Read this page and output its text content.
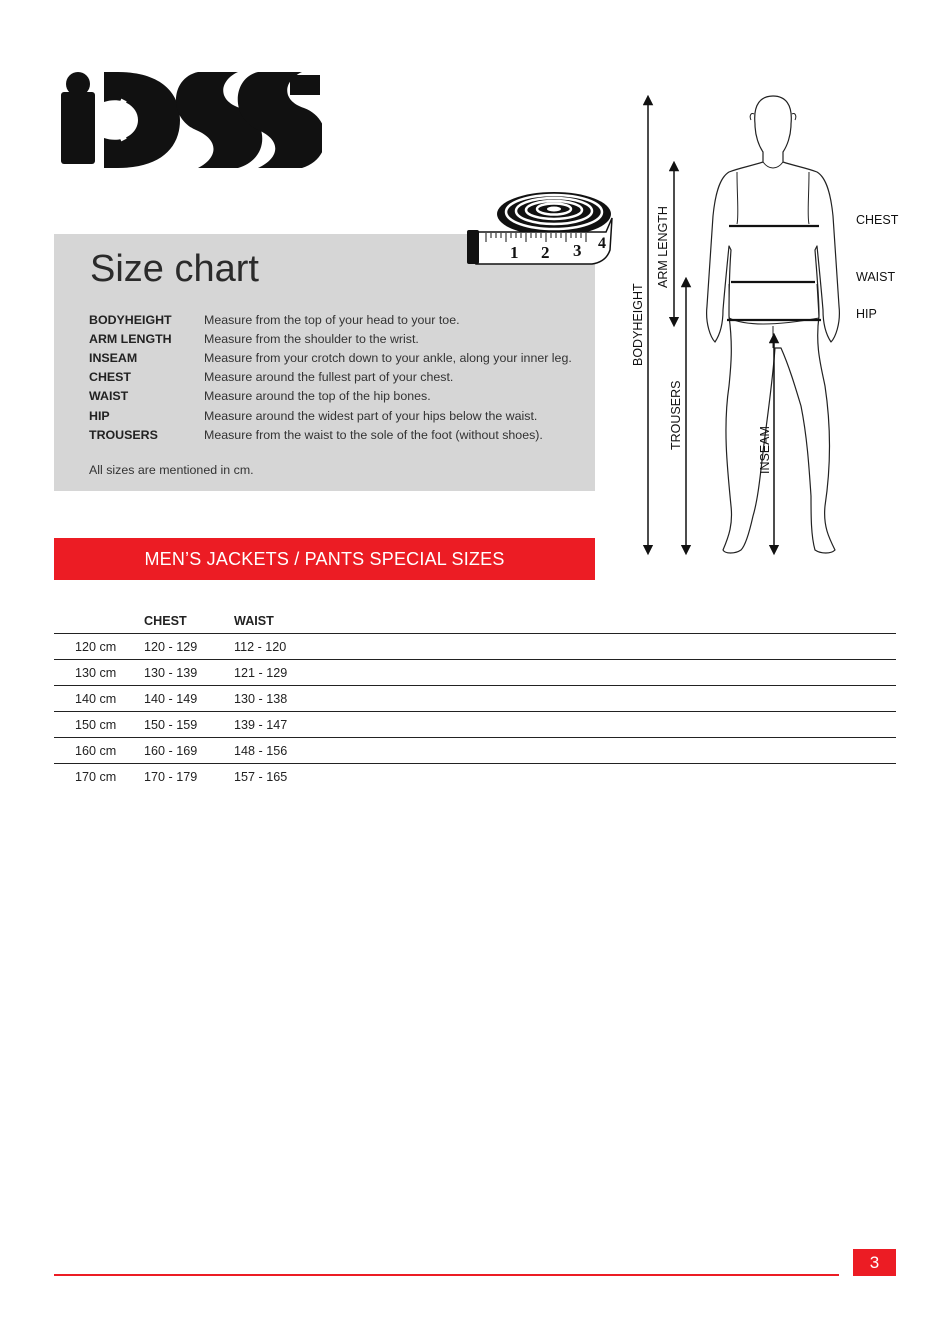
Size chart
BODYHEIGHT	Measure from the top of your head to your toe.
ARM LENGTH	Measure from the shoulder to the wrist.
INSEAM	Measure from your crotch down to your ankle, along your inner leg.
CHEST	Measure around the fullest part of your chest.
WAIST	Measure around the top of the hip bones.
HIP	Measure around the widest part of your hips below the waist.
TROUSERS	Measure from the waist to the sole of the foot (without shoes).
All sizes are mentioned in cm.
1 2 3 4
BODYHEIGHT
ARM LENGTH
TROUSERS
INSEAM
CHEST
WAIST
HIP
MEN’S JACKETS / PANTS SPECIAL SIZES
	CHEST	WAIST
120 cm	120 - 129	112 - 120
130 cm	130 - 139	121 - 129
140 cm	140 - 149	130 - 138
150 cm	150 - 159	139 - 147
160 cm	160 - 169	148 - 156
170 cm	170 - 179	157 - 165
3
